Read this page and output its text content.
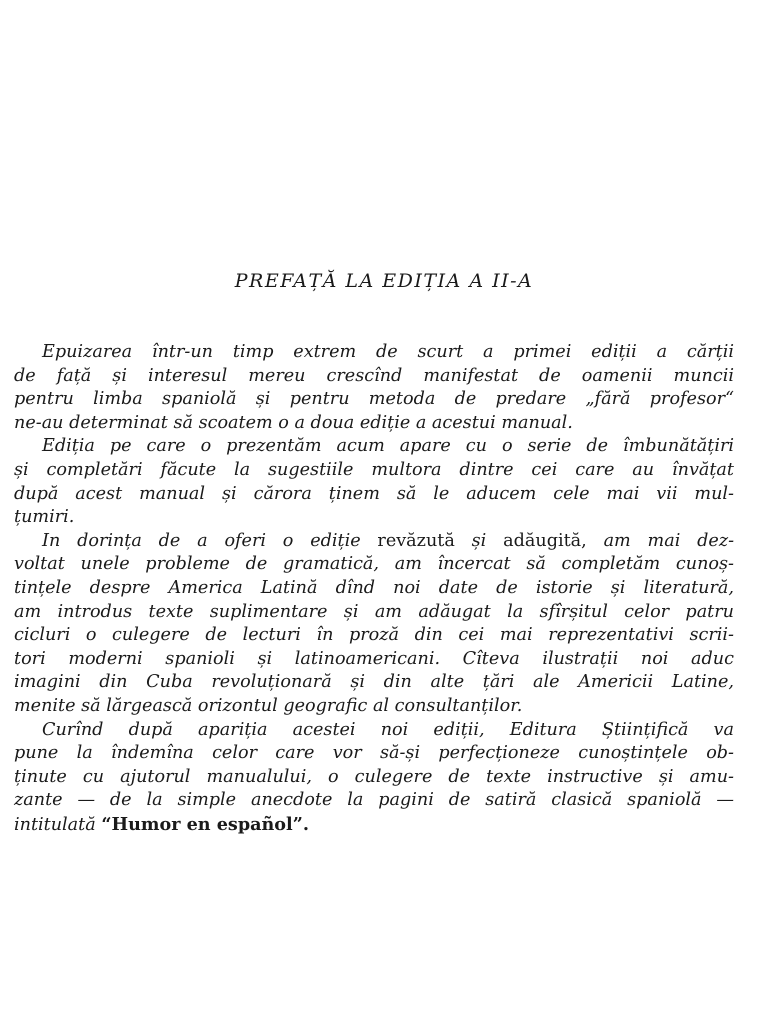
PREFAȚĂ LA EDIȚIA A II-A
Epuizarea într-un timp extrem de scurt a primei ediții a cărții
de față și interesul mereu crescînd manifestat de oamenii muncii
pentru limba spaniolă și pentru metoda de predare „fără profesor“
ne-au determinat să scoatem o a doua ediție a acestui manual.
Ediția pe care o prezentăm acum apare cu o serie de îmbunătățiri
și completări făcute la sugestiile multora dintre cei care au învățat
după acest manual și cărora ținem să le aducem cele mai vii mul-
țumiri.
In dorința de a oferi o ediție revăzută și adăugită, am mai dez-
voltat unele probleme de gramatică, am încercat să completăm cunoș-
tințele despre America Latină dînd noi date de istorie și literatură,
am introdus texte suplimentare și am adăugat la sfîrșitul celor patru
cicluri o culegere de lecturi în proză din cei mai reprezentativi scrii-
tori moderni spanioli și latinoamericani. Cîteva ilustrații noi aduc
imagini din Cuba revoluționară și din alte țări ale Americii Latine,
menite să lărgească orizontul geografic al consultanților.
Curînd după apariția acestei noi ediții, Editura Științifică va
pune la îndemîna celor care vor să-și perfecționeze cunoștințele ob-
ținute cu ajutorul manualului, o culegere de texte instructive și amu-
zante — de la simple anecdote la pagini de satiră clasică spaniolă —
intitulată “Humor en español”.
